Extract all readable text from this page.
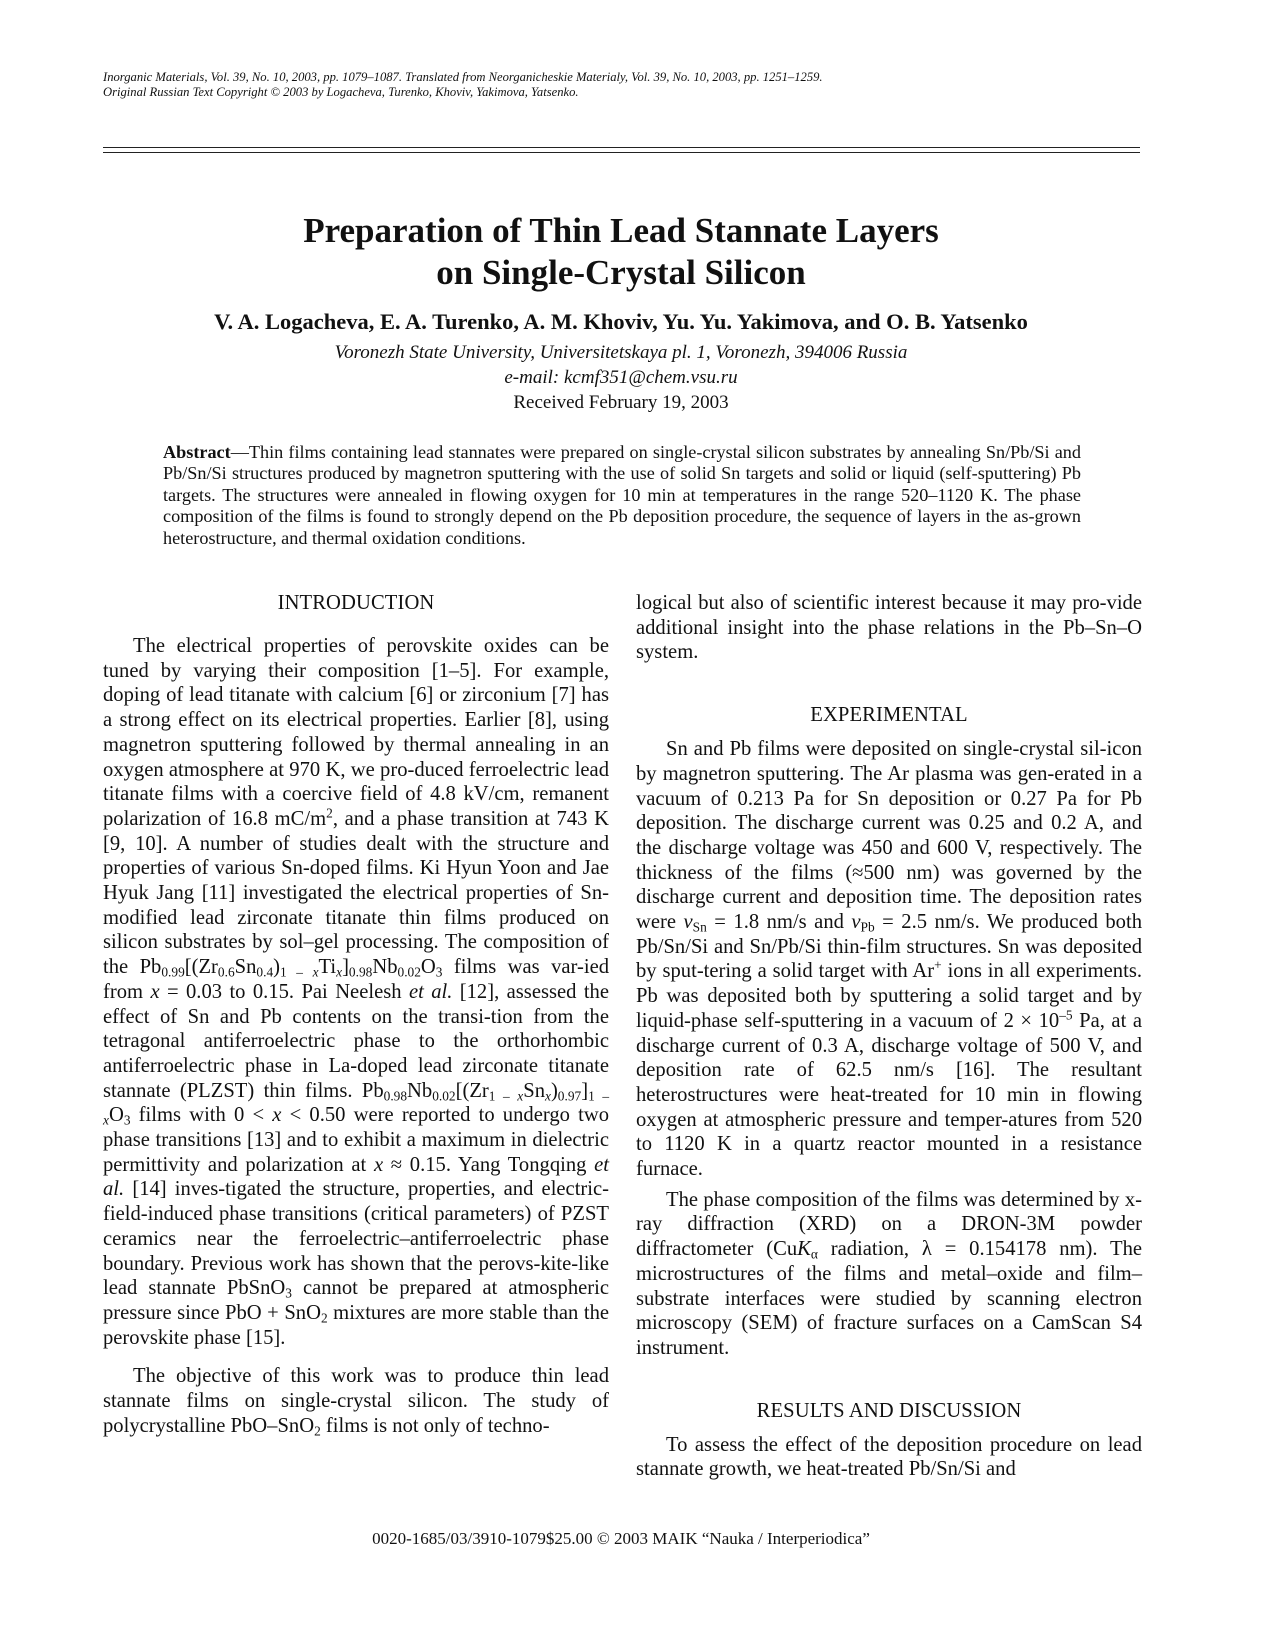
Inorganic Materials, Vol. 39, No. 10, 2003, pp. 1079–1087. Translated from Neorganicheskie Materialy, Vol. 39, No. 10, 2003, pp. 1251–1259.
Original Russian Text Copyright © 2003 by Logacheva, Turenko, Khoviv, Yakimova, Yatsenko.
Preparation of Thin Lead Stannate Layers
on Single-Crystal Silicon
V. A. Logacheva, E. A. Turenko, A. M. Khoviv, Yu. Yu. Yakimova, and O. B. Yatsenko
Voronezh State University, Universitetskaya pl. 1, Voronezh, 394006 Russia
e-mail: kcmf351@chem.vsu.ru
Received February 19, 2003
Abstract—Thin films containing lead stannates were prepared on single-crystal silicon substrates by annealing Sn/Pb/Si and Pb/Sn/Si structures produced by magnetron sputtering with the use of solid Sn targets and solid or liquid (self-sputtering) Pb targets. The structures were annealed in flowing oxygen for 10 min at temperatures in the range 520–1120 K. The phase composition of the films is found to strongly depend on the Pb deposition procedure, the sequence of layers in the as-grown heterostructure, and thermal oxidation conditions.
INTRODUCTION

The electrical properties of perovskite oxides can be tuned by varying their composition [1–5]. For example, doping of lead titanate with calcium [6] or zirconium [7] has a strong effect on its electrical properties. Earlier [8], using magnetron sputtering followed by thermal annealing in an oxygen atmosphere at 970 K, we pro-duced ferroelectric lead titanate films with a coercive field of 4.8 kV/cm, remanent polarization of 16.8 $mC/m^2$, and a phase transition at 743 K [9, 10]. A number of studies dealt with the structure and properties of various Sn-doped films. Ki Hyun Yoon and Jae Hyuk Jang [11] investigated the electrical properties of Sn-modified lead zirconate titanate thin films produced on silicon substrates by sol–gel processing. The composition of the $Pb_{0.99}[(Zr_{0.6}Sn_{0.4})_{1 - x}Ti_x]_{0.98}Nb_{0.02}O_3$ films was var-ied from x = 0.03 to 0.15. Pai Neelesh et al. [12], assessed the effect of Sn and Pb contents on the transi-tion from the tetragonal antiferroelectric phase to the orthorhombic antiferroelectric phase in La-doped lead zirconate titanate stannate (PLZST) thin films. $Pb_{0.98}Nb_{0.02}[(Zr_{1 - x}Sn_x)_{0.97}]_{1 - x}O_3$ films with 0 < x < 0.50 were reported to undergo two phase transitions [13] and to exhibit a maximum in dielectric permittivity and polarization at x ≈ 0.15. Yang Tongqing et al. [14] inves-tigated the structure, properties, and electric-field-induced phase transitions (critical parameters) of PZST ceramics near the ferroelectric–antiferroelectric phase boundary. Previous work has shown that the perovs-kite-like lead stannate PbSnO$_3$ cannot be prepared at atmospheric pressure since PbO + SnO$_2$ mixtures are more stable than the perovskite phase [15].

The objective of this work was to produce thin lead stannate films on single-crystal silicon. The study of polycrystalline PbO–SnO$_2$ films is not only of techno-

logical but also of scientific interest because it may pro-vide additional insight into the phase relations in the Pb–Sn–O system.

EXPERIMENTAL

Sn and Pb films were deposited on single-crystal sil-icon by magnetron sputtering. The Ar plasma was gen-erated in a vacuum of 0.213 Pa for Sn deposition or 0.27 Pa for Pb deposition. The discharge current was 0.25 and 0.2 A, and the discharge voltage was 450 and 600 V, respectively. The thickness of the films (≈500 nm) was governed by the discharge current and deposition time. The deposition rates were $v_{Sn} = 1.8$ nm/s and $v_{Pb} = 2.5$ nm/s. We produced both Pb/Sn/Si and Sn/Pb/Si thin-film structures. Sn was deposited by sput-tering a solid target with Ar+ ions in all experiments. Pb was deposited both by sputtering a solid target and by liquid-phase self-sputtering in a vacuum of $2 \times 10^{-5}$ Pa, at a discharge current of 0.3 A, discharge voltage of 500 V, and deposition rate of 62.5 nm/s [16]. The resultant heterostructures were heat-treated for 10 min in flowing oxygen at atmospheric pressure and temper-atures from 520 to 1120 K in a quartz reactor mounted in a resistance furnace.

The phase composition of the films was determined by x-ray diffraction (XRD) on a DRON-3M powder diffractometer (CuK$_\alpha$ radiation, λ = 0.154178 nm). The microstructures of the films and metal–oxide and film–substrate interfaces were studied by scanning electron microscopy (SEM) of fracture surfaces on a CamScan S4 instrument.

RESULTS AND DISCUSSION

To assess the effect of the deposition procedure on lead stannate growth, we heat-treated Pb/Sn/Si and

0020-1685/03/3910-1079$25.00 © 2003 MAIK “Nauka / Interperiodica”
